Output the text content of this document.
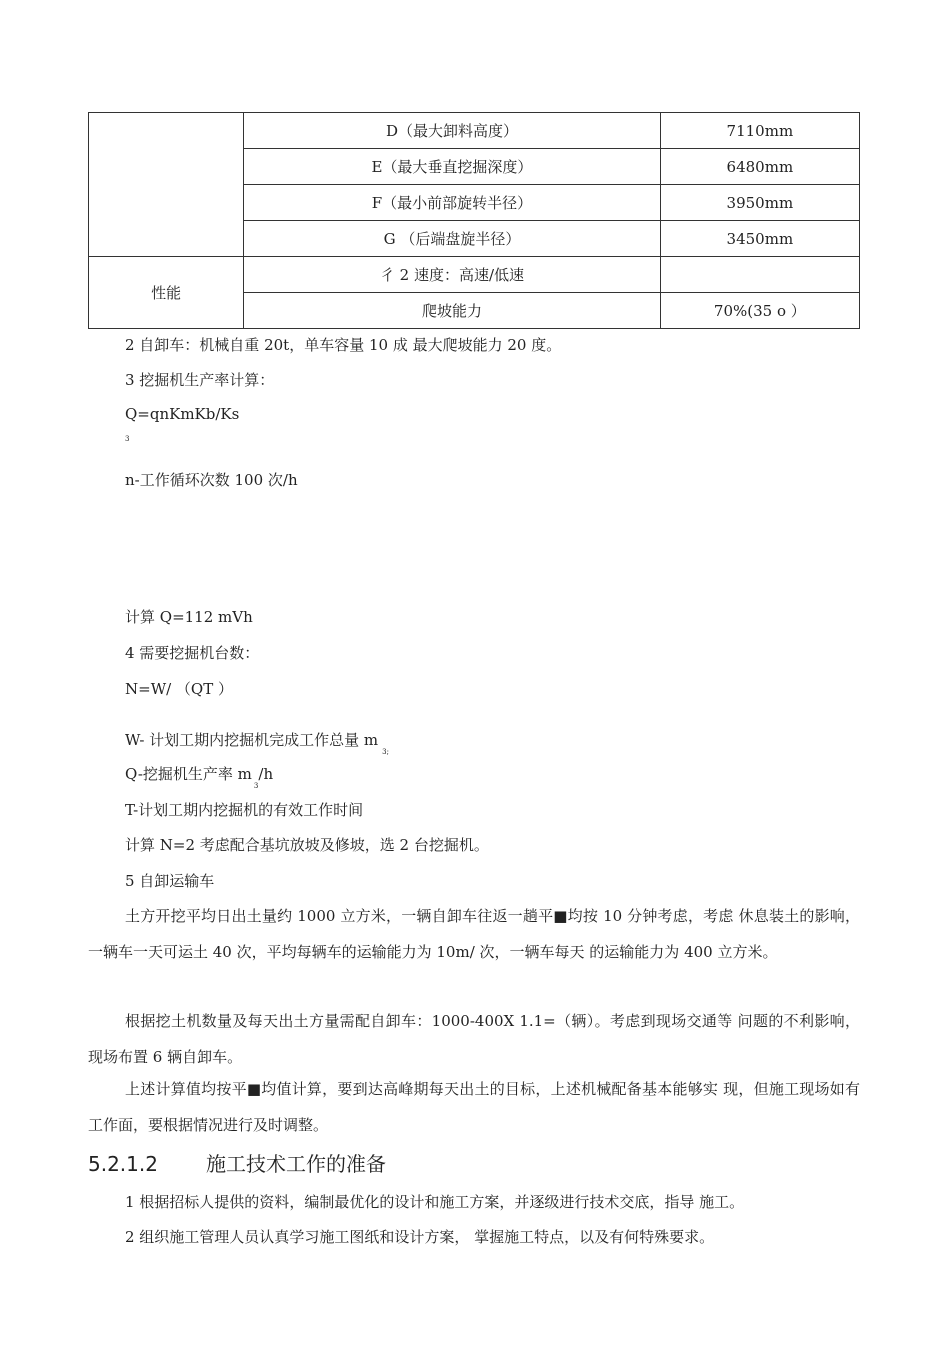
	D（最大卸料高度）	7110mm
	E（最大垂直挖掘深度）	6480mm
	F（最小前部旋转半径）	3950mm
	G （后端盘旋半径）	3450mm
性能	彳 2 速度：高速/低速	
	爬坡能力	70%(35 o ）
2 自卸车：机械自重 20t，单车容量 10 成 最大爬坡能力 20 度。
3 挖掘机生产率计算：
Q=qnKmKb/Ks
3
n-工作循环次数 100 次/h
计算 Q=112 mVh
4 需要挖掘机台数：
N=W/ （QT ）
W- 计划工期内挖掘机完成工作总量 $m_{3;}$
Q-挖掘机生产率 $m_3/h$
T-计划工期内挖掘机的有效工作时间
计算 N=2 考虑配合基坑放坡及修坡，选 2 台挖掘机。
5 自卸运输车
土方开挖平均日出土量约 1000 立方米，一辆自卸车往返一趟平■均按 10 分钟考虑，考虑 休息装土的影响，一辆车一天可运土 40 次，平均每辆车的运输能力为 10m/ 次，一辆车每天 的运输能力为 400 立方米。
根据挖土机数量及每天出土方量需配自卸车：1000-400X 1.1=（辆）。考虑到现场交通等 问题的不利影响，现场布置 6 辆自卸车。
上述计算值均按平■均值计算，要到达高峰期每天出土的目标，上述机械配备基本能够实 现，但施工现场如有工作面，要根据情况进行及时调整。
5.2.1.2 施工技术工作的准备
1 根据招标人提供的资料，编制最优化的设计和施工方案，并逐级进行技术交底，指导 施工。
2 组织施工管理人员认真学习施工图纸和设计方案， 掌握施工特点，以及有何特殊要求。
